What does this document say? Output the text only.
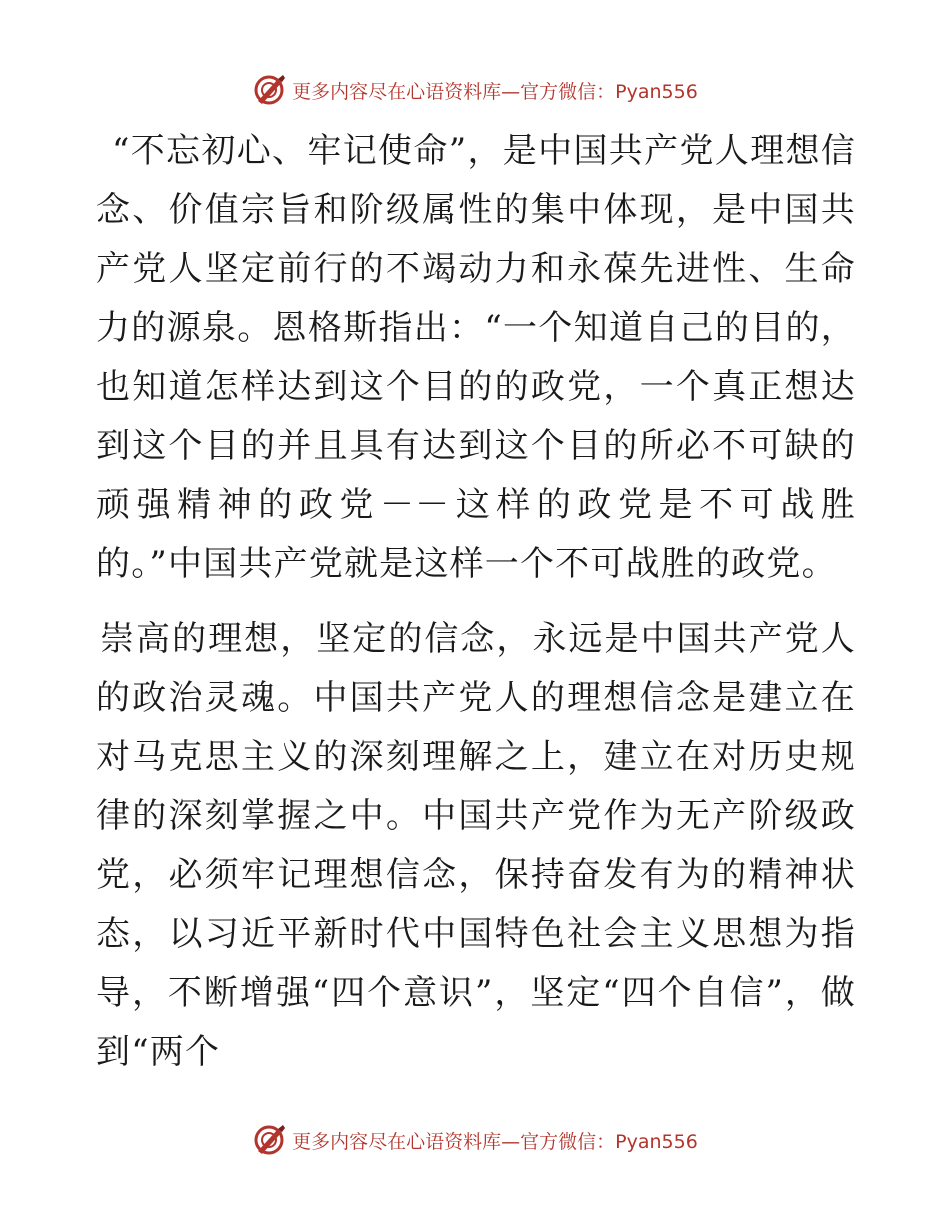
更多内容尽在心语资料库—官方微信：Pyan556

“不忘初心、牢记使命”，是中国共产党人理想信念、价值宗旨和阶级属性的集中体现，是中国共产党人坚定前行的不竭动力和永葆先进性、生命力的源泉。恩格斯指出：“一个知道自己的目的，也知道怎样达到这个目的的政党，一个真正想达到这个目的并且具有达到这个目的所必不可缺的顽强精神的政党－－这样的政党是不可战胜的。”中国共产党就是这样一个不可战胜的政党。

崇高的理想，坚定的信念，永远是中国共产党人的政治灵魂。中国共产党人的理想信念是建立在对马克思主义的深刻理解之上，建立在对历史规律的深刻掌握之中。中国共产党作为无产阶级政党，必须牢记理想信念，保持奋发有为的精神状态，以习近平新时代中国特色社会主义思想为指导，不断增强“四个意识”，坚定“四个自信”，做到“两个

更多内容尽在心语资料库—官方微信：Pyan556
